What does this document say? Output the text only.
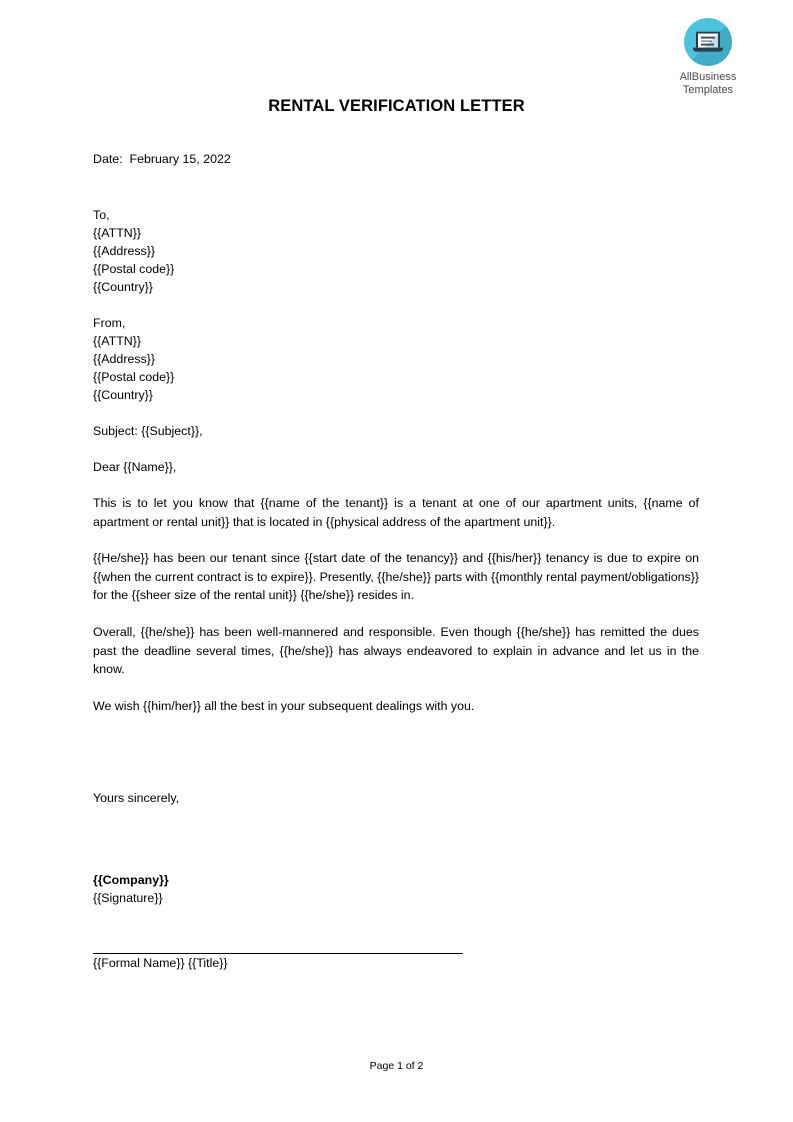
AllBusiness
Templates
RENTAL VERIFICATION LETTER
Date:  February 15, 2022
To,
{{ATTN}}
{{Address}}
{{Postal code}}
{{Country}}
From,
{{ATTN}}
{{Address}}
{{Postal code}}
{{Country}}
Subject: {{Subject}},
Dear {{Name}},

This is to let you know that {{name of the tenant}} is a tenant at one of our apartment units, {{name of apartment or rental unit}} that is located in {{physical address of the apartment unit}}.

{{He/she}} has been our tenant since {{start date of the tenancy}} and {{his/her}} tenancy is due to expire on {{when the current contract is to expire}}. Presently, {{he/she}} parts with {{monthly rental payment/obligations}} for the {{sheer size of the rental unit}} {{he/she}} resides in.

Overall, {{he/she}} has been well-mannered and responsible. Even though {{he/she}} has remitted the dues past the deadline several times, {{he/she}} has always endeavored to explain in advance and let us in the know.

We wish {{him/her}} all the best in your subsequent dealings with you.

Yours sincerely,
{{Company}}
{{Signature}}
{{Formal Name}} {{Title}}
Page 1 of 2
